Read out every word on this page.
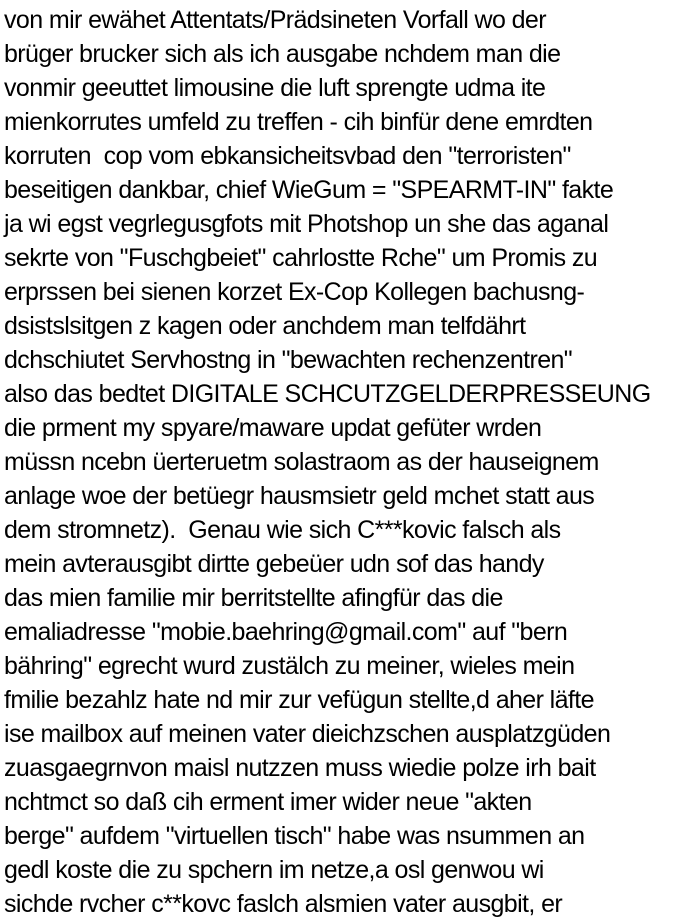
von mir ewähet Attentats/Prädsineten Vorfall wo der
brüger brucker sich als ich ausgabe nchdem man die
vonmir geeuttet limousine die luft sprengte udma ite
mienkorrutes umfeld zu treffen - cih binfür dene emrdten
korruten  cop vom ebkansicheitsvbad den "terroristen"
beseitigen dankbar, chief WieGum = "SPEARMT-IN" fakte
ja wi egst vegrlegusgfots mit Photshop un she das aganal
sekrte von "Fuschgbeiet" cahrlostte Rche" um Promis zu
erprssen bei sienen korzet Ex-Cop Kollegen bachusng-
dsistslsitgen z kagen oder anchdem man telfdährt
dchschiutet Servhostng in "bewachten rechenzentren"
also das bedtet DIGITALE SCHCUTZGELDERPRESSEUNG
die prment my spyare/maware updat gefüter wrden
müssn ncebn üerteruetm solastraom as der hauseignem
anlage woe der betüegr hausmsietr geld mchet statt aus
dem stromnetz).  Genau wie sich C***kovic falsch als
mein avterausgibt dirtte gebeüer udn sof das handy
das mien familie mir berritstellte afingfür das die
emaliadresse "mobie.baehring@gmail.com" auf "bern
bähring" egrecht wurd zustälch zu meiner, wieles mein
fmilie bezahlz hate nd mir zur vefügun stellte,d aher läfte
ise mailbox auf meinen vater dieichzschen ausplatzgüden
zuasgaegrnvon maisl nutzzen muss wiedie polze irh bait
nchtmct so daß cih erment imer wider neue "akten
berge" aufdem "virtuellen tisch" habe was nsummen an
gedl koste die zu spchern im netze,a osl genwou wi
sichde rvcher c**kovc faslch alsmien vater ausgbit, er
